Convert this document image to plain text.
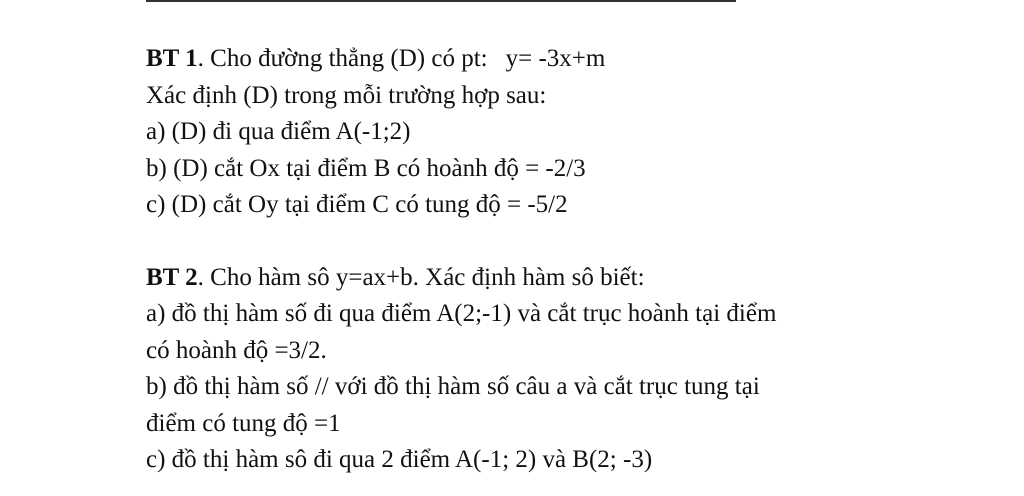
BT 1. Cho đường thẳng (D) có pt: y= -3x+m
Xác định (D) trong mỗi trường hợp sau:
a) (D) đi qua điểm A(-1;2)
b) (D) cắt Ox tại điểm B có hoành độ = -2/3
c) (D) cắt Oy tại điểm C có tung độ = -5/2
BT 2. Cho hàm sô y=ax+b. Xác định hàm sô biết:
a) đồ thị hàm số đi qua điểm A(2;-1) và cắt trục hoành tại điểm
có hoành độ =3/2.
b) đồ thị hàm số // với đồ thị hàm số câu a và cắt trục tung tại
điểm có tung độ =1
c) đồ thị hàm sô đi qua 2 điểm A(-1; 2) và B(2; -3)
